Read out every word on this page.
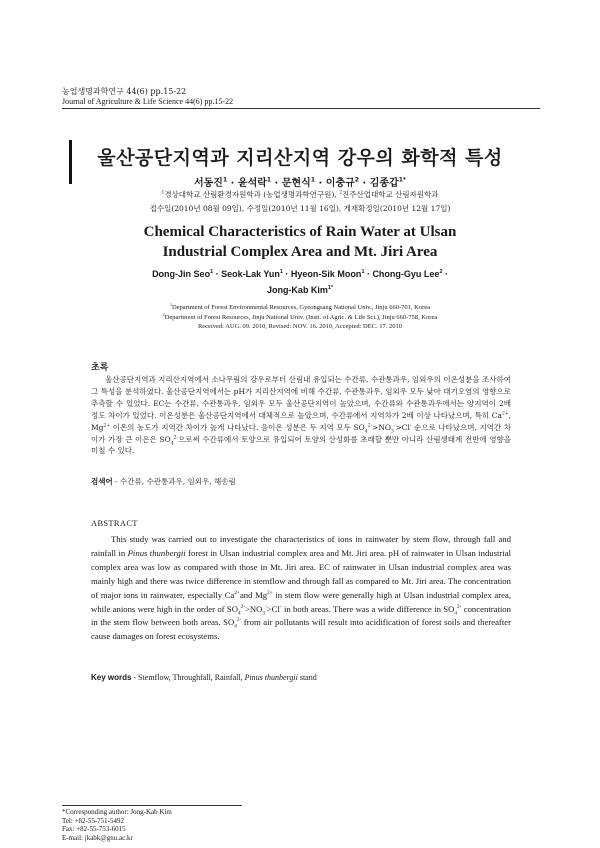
농업생명과학연구 44(6) pp.15-22
Journal of Agriculture & Life Science 44(6) pp.15-22
울산공단지역과 지리산지역 강우의 화학적 특성
서동진$^1$ · 윤석락$^1$ · 문현식$^1$ · 이충규$^2$ · 김종갑$^{1*}$
$^1$경상대학교 산림환경자원학과 (농업생명과학연구원), $^2$진주산업대학교 산림자원학과
접수일(2010년 08월 09일), 수정일(2010년 11월 16일), 게재확정일(2010년 12월 17일)
Chemical Characteristics of Rain Water at Ulsan
Industrial Complex Area and Mt. Jiri Area
Dong-Jin Seo$^1$ · Seok-Lak Yun$^1$ · Hyeon-Sik Moon$^1$ · Chong-Gyu Lee$^2$ ·
Jong-Kab Kim$^{1*}$
$^1$Department of Forest Environmental Resources, Gyeongsang National Univ., Jinju 660-701, Korea
$^2$Department of Forest Resources, Jinju National Univ. (Insti. of Agric. & Life Sci.), Jinju 660-758, Korea
Received: AUG. 09. 2010, Revised: NOV. 16. 2010, Accepted: DEC. 17. 2010
초록
울산공단지역과 지리산지역에서 소나무림의 강우로부터 산림내 유입되는 수간류, 수관통과우, 임외우의 이온성분을 조사하여 그 특성을 분석하였다. 울산공단지역에서는 pH가 지리산지역에 비해 수간류, 수관통과우, 임외우 모두 낮아 대기오염의 영향으로 추측할 수 있었다. EC는 수간류, 수관통과우, 임외우 모두 울산공단지역이 높았으며, 수간류와 수관통과우에서는 양지역이 2배 정도 차이가 있었다. 이온성분은 울산공단지역에서 대체적으로 높았으며, 수간류에서 지역차가 2배 이상 나타났으며, 특히 $Ca^{2+}$, $Mg^{2+}$ 이온의 농도가 지역간 차이가 높게 나타났다. 음이온 성분은 두 지역 모두 $SO_4^{2-}>NO_3^->Cl^-$ 순으로 나타났으며, 지역간 차이가 가장 큰 이온은 $SO_4^{2-}$으로써 수간류에서 토양으로 유입되어 토양의 산성화를 초래할 뿐만 아니라 산림생태계 전반에 영향을 미칠 수 있다.
검색어 - 수간류, 수관통과우, 임외우, 해송림
ABSTRACT
This study was carried out to investigate the characteristics of ions in rainwater by stem flow, through fall and rainfall in Pinus thunbergii forest in Ulsan industrial complex area and Mt. Jiri area. pH of rainwater in Ulsan industrial complex area was low as compared with those in Mt. Jiri area. EC of rainwater in Ulsan industrial complex area was mainly high and there was twice difference in stemflow and through fall as compared to Mt. Jiri area. The concentration of major ions in rainwater, especially $Ca^{2+}and$ $Mg^{2+}$ in stem flow were generally high at Ulsan industrial complex area, while anions were high in the order of $SO_4^{2-}>NO_3^->Cl^-$ in both areas. There was a wide difference in $SO_4^{2-}$ concentration in the stem flow between both areas. $SO_4^{2-}$ from air pollutants will result into acidification of forest soils and thereafter cause damages on forest ecosystems.
Key words - Stemflow, Throughfall, Rainfall, Pinus thunbergii stand
*Corresponding author: Jong-Kab Kim
Tel: +82-55-751-5492
Fax: +82-55-753-6015
E-mail: jkabk@gnu.ac.kr
